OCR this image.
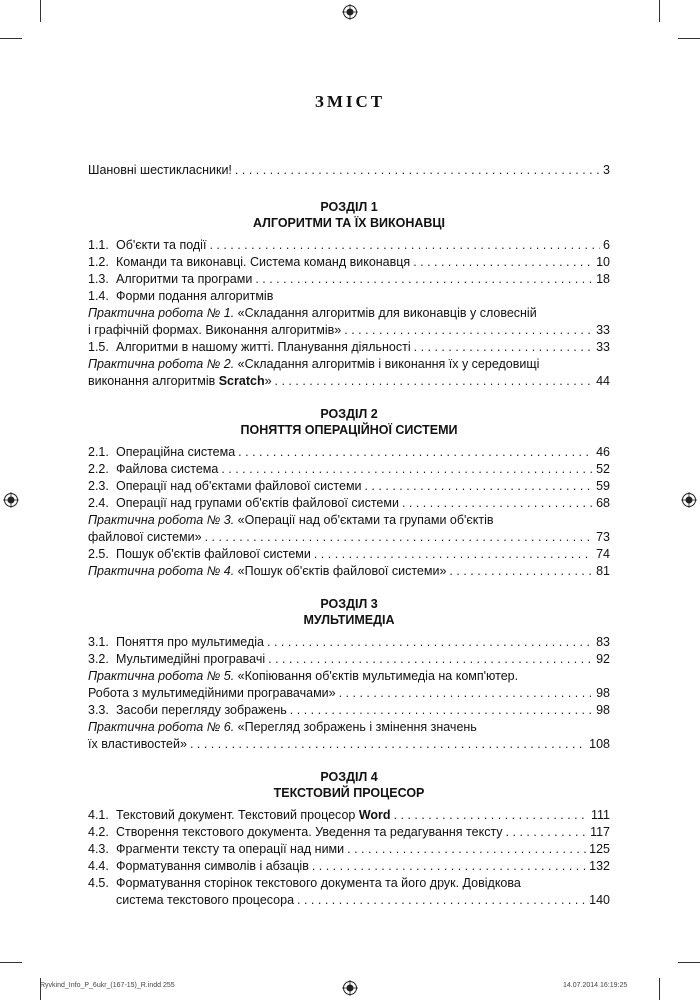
ЗМІСТ
Шановні шестикласники! . . .	3
РОЗДІЛ 1
АЛГОРИТМИ ТА ЇХ ВИКОНАВЦІ
1.1. Об'єкти та події . . .	6
1.2. Команди та виконавці. Система команд виконавця . . .	10
1.3. Алгоритми та програми . . .	18
1.4. Форми подання алгоритмів
Практична робота № 1. «Складання алгоритмів для виконавців у словесній
і графічній формах. Виконання алгоритмів» . . .	33
1.5. Алгоритми в нашому житті. Планування діяльності . . .	33
Практична робота № 2. «Складання алгоритмів і виконання їх у середовищі
виконання алгоритмів Scratch» . . .	44
РОЗДІЛ 2
ПОНЯТТЯ ОПЕРАЦІЙНОЇ СИСТЕМИ
2.1. Операційна система . . .	46
2.2. Файлова система . . .	52
2.3. Операції над об'єктами файлової системи . . .	59
2.4. Операції над групами об'єктів файлової системи . . .	68
Практична робота № 3. «Операції над об'єктами та групами об'єктів
файлової системи» . . .	73
2.5. Пошук об'єктів файлової системи . . .	74
Практична робота № 4. «Пошук об'єктів файлової системи» . . .	81
РОЗДІЛ 3
МУЛЬТИМЕДІА
3.1. Поняття про мультимедіа . . .	83
3.2. Мультимедійні програвачі . . .	92
Практична робота № 5. «Копіювання об'єктів мультимедіа на комп'ютер.
Робота з мультимедійними програвачами» . . .	98
3.3. Засоби перегляду зображень . . .	98
Практична робота № 6. «Перегляд зображень і змінення значень
їх властивостей» . . .	108
РОЗДІЛ 4
ТЕКСТОВИЙ ПРОЦЕСОР
4.1. Текстовий документ. Текстовий процесор Word . . .	111
4.2. Створення текстового документа. Уведення та редагування тексту . . .	117
4.3. Фрагменти тексту та операції над ними . . .	125
4.4. Форматування символів і абзаців . . .	132
4.5. Форматування сторінок текстового документа та його друк. Довідкова
система текстового процесора . . .	140
Ryvkind_Info_P_6ukr_(167-15)_R.indd 255	14.07.2014 16:19:25
